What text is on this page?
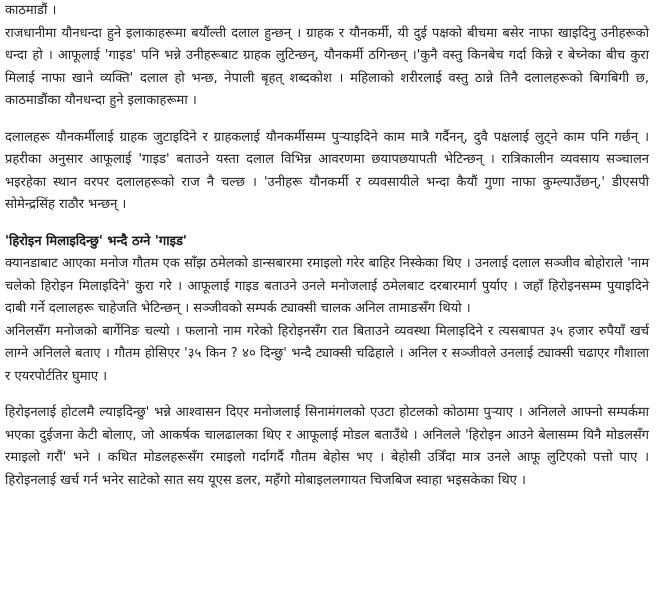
काठमाडौं ।

राजधानीमा यौनधन्दा हुने इलाकाहरूमा बयौंल्ती दलाल हुन्छन् । ग्राहक र यौनकर्मी, यी दुई पक्षको बीचमा बसेर नाफा खाइदिनु उनीहरूको धन्दा हो । आफूलाई 'गाइड' पनि भन्ने उनीहरूबाट ग्राहक लुटिन्छन्, यौनकर्मी ठगिन्छन् ।'कुनै वस्तु किनबेच गर्दा किन्ने र बेच्नेका बीच कुरा मिलाई नाफा खाने व्यक्ति' दलाल हो भन्छ, नेपाली बृहत् शब्दकोश । महिलाको शरीरलाई वस्तु ठान्ने तिनै दलालहरूको बिगबिगी छ, काठमाडौंका यौनधन्दा हुने इलाकाहरूमा ।

दलालहरू यौनकर्मीलाई ग्राहक जुटाइदिने र ग्राहकलाई यौनकर्मीसम्म पुऱ्याइदिने काम मात्रै गर्दैनन्, दुवै पक्षलाई लुट्ने काम पनि गर्छन् । प्रहरीका अनुसार आफूलाई 'गाइड' बताउने यस्ता दलाल विभिन्न आवरणमा छयापछयापती भेटिन्छन् । रात्रिकालीन व्यवसाय सञ्चालन भइरहेका स्थान वरपर दलालहरूको राज नै चल्छ । 'उनीहरू यौनकर्मी र व्यवसायीले भन्दा कैयौं गुणा नाफा कुम्ल्याउँछन्,' डीएसपी सोमेन्द्रसिंह राठौर भन्छन् ।

'हिरोइन मिलाइदिन्छु' भन्दै ठग्ने 'गाइड'

क्यानडाबाट आएका मनोज गौतम एक साँझ ठमेलको डान्सबारमा रमाइलो गरेर बाहिर निस्केका थिए । उनलाई दलाल सञ्जीव बोहोराले 'नाम चलेको हिरोइन मिलाइदिने' कुरा गरे । आफूलाई गाइड बताउने उनले मनोजलाई ठमेलबाट दरबारमार्ग पुर्याए । जहाँ हिरोइनसम्म पुयाइदिने दाबी गर्ने दलालहरू चाहेजति भेटिन्छन् । सञ्जीवको सम्पर्क ट्याक्सी चालक अनिल तामाङसँग थियो ।

अनिलसँग मनोजको बार्गेनिङ चल्यो । फलानो नाम गरेको हिरोइनसँग रात बिताउने व्यवस्था मिलाइदिने र त्यसबापत ३५ हजार रुपैयाँ खर्च लाग्ने अनिलले बताए । गौतम होसिएर '३५ किन ? ४० दिन्छु' भन्दै ट्याक्सी चढिहाले । अनिल र सञ्जीवले उनलाई ट्याक्सी चढाएर गौशाला र एयरपोर्टतिर घुमाए ।

हिरोइनलाई होटलमै ल्याइदिन्छु' भन्ने आश्वासन दिएर मनोजलाई सिनामंगलको एउटा होटलको कोठामा पुऱ्याए । अनिलले आफ्नो सम्पर्कमा भएका दुईजना केटी बोलाए, जो आकर्षक चालढालका थिए र आफूलाई मोडल बताउँथे । अनिलले 'हिरोइन आउने बेलासम्म यिनै मोडलसँग रमाइलो गरौं' भने । कथित मोडलहरूसँग रमाइलो गर्दागर्दै गौतम बेहोस भए । बेहोसी उत्रिँदा मात्र उनले आफू लुटिएको पत्तो पाए । हिरोइनलाई खर्च गर्न भनेर साटेको सात सय यूएस डलर, महँगो मोबाइललगायत चिजबिज स्वाहा भइसकेका थिए ।
